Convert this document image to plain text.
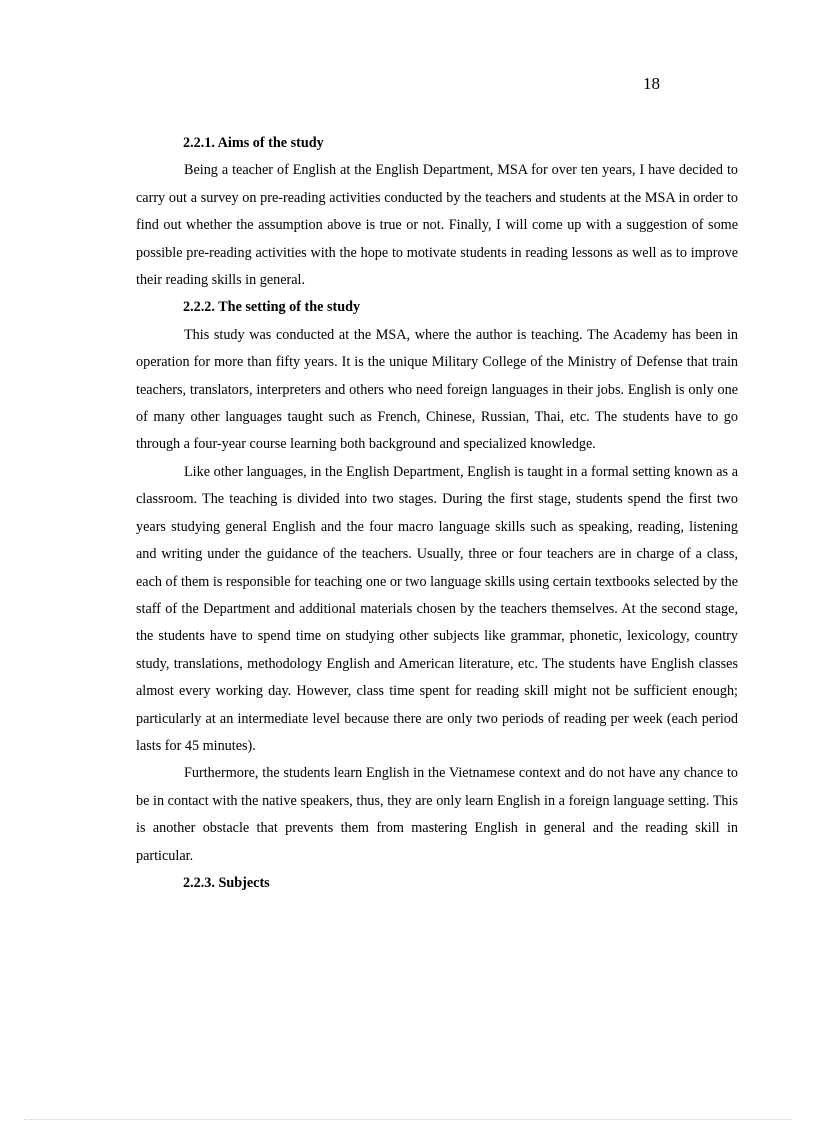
18
2.2.1. Aims of the study

Being a teacher of English at the English Department, MSA for over ten years, I have decided to carry out a survey on pre-reading activities conducted by the teachers and students at the MSA in order to find out whether the assumption above is true or not. Finally, I will come up with a suggestion of some possible pre-reading activities with the hope to motivate students in reading lessons as well as to improve their reading skills in general.

2.2.2. The setting of the study

This study was conducted at the MSA, where the author is teaching. The Academy has been in operation for more than fifty years. It is the unique Military College of the Ministry of Defense that train teachers, translators, interpreters and others who need foreign languages in their jobs. English is only one of many other languages taught such as French, Chinese, Russian, Thai, etc. The students have to go through a four-year course learning both background and specialized knowledge.

Like other languages, in the English Department, English is taught in a formal setting known as a classroom. The teaching is divided into two stages. During the first stage, students spend the first two years studying general English and the four macro language skills such as speaking, reading, listening and writing under the guidance of the teachers. Usually, three or four teachers are in charge of a class, each of them is responsible for teaching one or two language skills using certain textbooks selected by the staff of the Department and additional materials chosen by the teachers themselves. At the second stage, the students have to spend time on studying other subjects like grammar, phonetic, lexicology, country study, translations, methodology English and American literature, etc. The students have English classes almost every working day. However, class time spent for reading skill might not be sufficient enough; particularly at an intermediate level because there are only two periods of reading per week (each period lasts for 45 minutes).

Furthermore, the students learn English in the Vietnamese context and do not have any chance to be in contact with the native speakers, thus, they are only learn English in a foreign language setting. This is another obstacle that prevents them from mastering English in general and the reading skill in particular.

2.2.3. Subjects
